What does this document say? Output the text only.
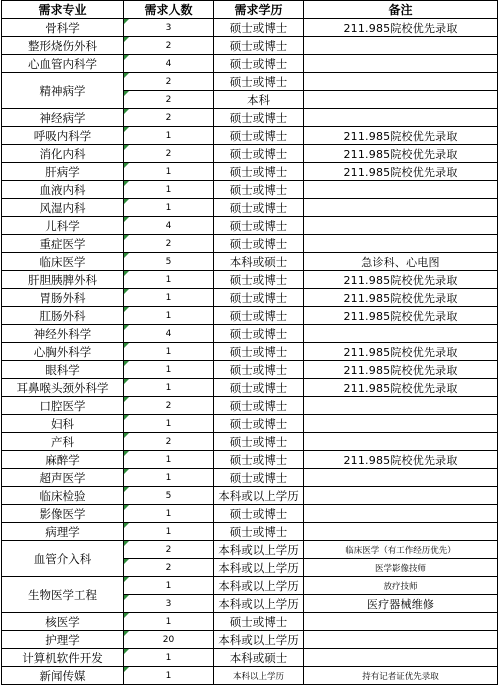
需求专业	需求人数	需求学历	备注
骨科学	3	硕士或博士	211.985院校优先录取
整形烧伤外科	2	硕士或博士	
心血管内科学	4	硕士或博士	
精神病学	2	硕士或博士	
	2	本科	
神经病学	2	硕士或博士	
呼吸内科学	1	硕士或博士	211.985院校优先录取
消化内科	2	硕士或博士	211.985院校优先录取
肝病学	1	硕士或博士	211.985院校优先录取
血液内科	1	硕士或博士	
风湿内科	1	硕士或博士	
儿科学	4	硕士或博士	
重症医学	2	硕士或博士	
临床医学	5	本科或硕士	急诊科、心电图
肝胆胰脾外科	1	硕士或博士	211.985院校优先录取
胃肠外科	1	硕士或博士	211.985院校优先录取
肛肠外科	1	硕士或博士	211.985院校优先录取
神经外科学	4	硕士或博士	
心胸外科学	1	硕士或博士	211.985院校优先录取
眼科学	1	硕士或博士	211.985院校优先录取
耳鼻喉头颈外科学	1	硕士或博士	211.985院校优先录取
口腔医学	2	硕士或博士	
妇科	1	硕士或博士	
产科	2	硕士或博士	
麻醉学	1	硕士或博士	211.985院校优先录取
超声医学	1	硕士或博士	
临床检验	5	本科或以上学历	
影像医学	1	硕士或博士	
病理学	1	硕士或博士	
血管介入科	2	本科或以上学历	临床医学（有工作经历优先）
	2	本科或以上学历	医学影像技师
生物医学工程	1	本科或以上学历	放疗技师
	3	本科或以上学历	医疗器械维修
核医学	1	硕士或博士	
护理学	20	本科或以上学历	
计算机软件开发	1	本科或硕士	
新闻传媒	1	本科以上学历	持有记者证优先录取
